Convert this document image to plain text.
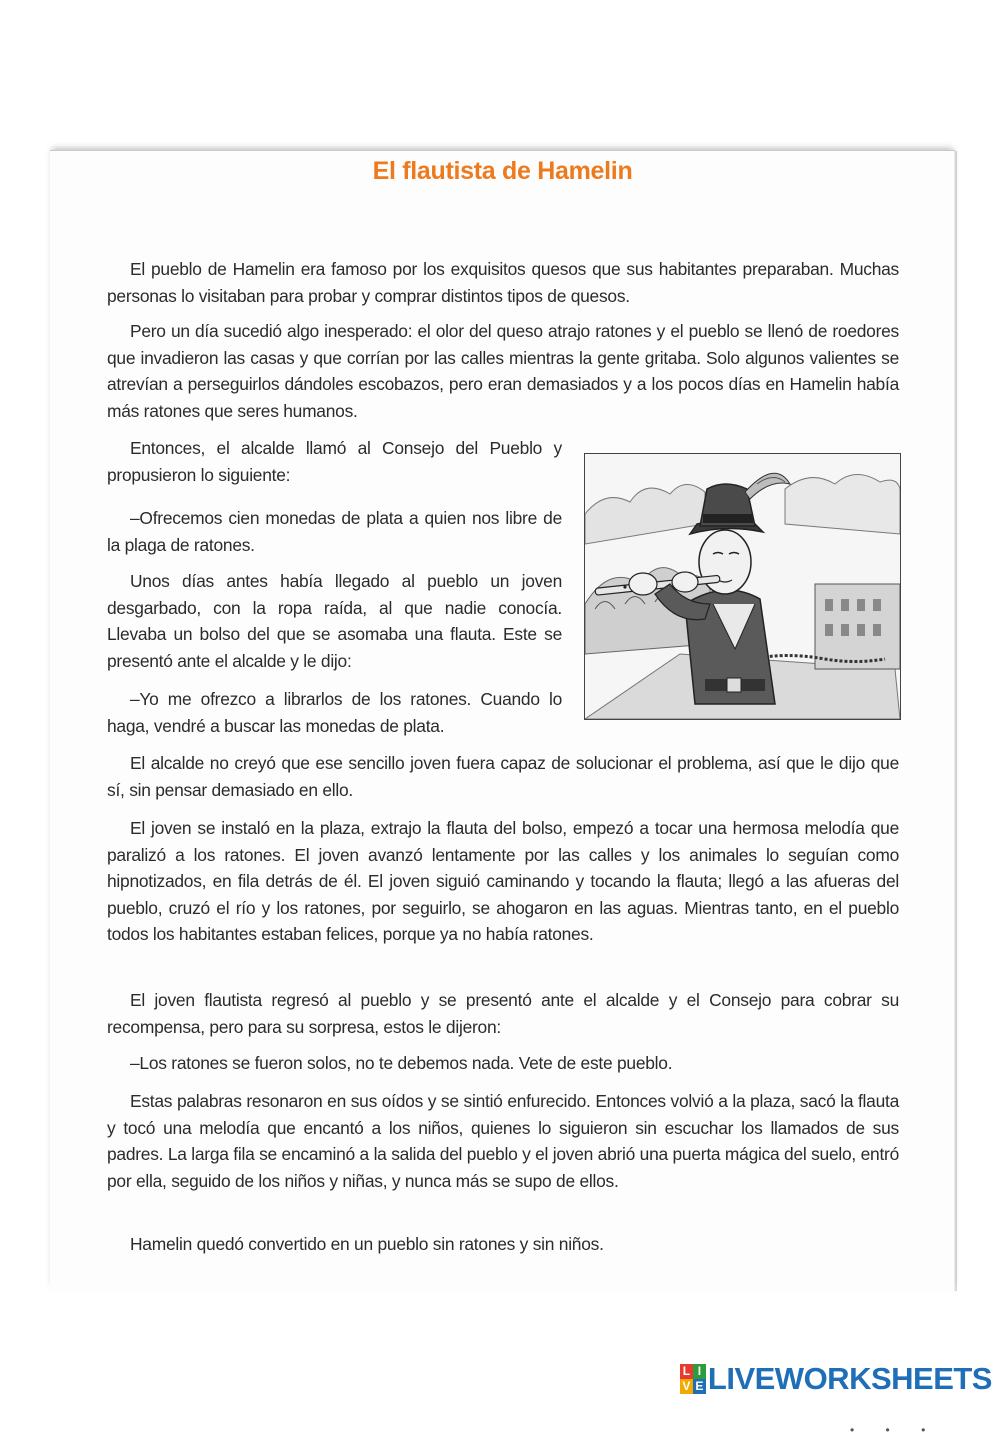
El flautista de Hamelin

El pueblo de Hamelin era famoso por los exquisitos quesos que sus habitantes preparaban. Muchas personas lo visitaban para probar y comprar distintos tipos de quesos.

Pero un día sucedió algo inesperado: el olor del queso atrajo ratones y el pueblo se llenó de roedores que invadieron las casas y que corrían por las calles mientras la gente gritaba. Solo algunos valientes se atrevían a perseguirlos dándoles escobazos, pero eran demasiados y a los pocos días en Hamelin había más ratones que seres humanos.

Entonces, el alcalde llamó al Consejo del Pueblo y propusieron lo siguiente:

–Ofrecemos cien monedas de plata a quien nos libre de la plaga de ratones.

Unos días antes había llegado al pueblo un joven desgarbado, con la ropa raída, al que nadie conocía. Llevaba un bolso del que se asomaba una flauta. Este se presentó ante el alcalde y le dijo:

–Yo me ofrezco a librarlos de los ratones. Cuando lo haga, vendré a buscar las monedas de plata.

El alcalde no creyó que ese sencillo joven fuera capaz de solucionar el problema, así que le dijo que sí, sin pensar demasiado en ello.

El joven se instaló en la plaza, extrajo la flauta del bolso, empezó a tocar una hermosa melodía que paralizó a los ratones. El joven avanzó lentamente por las calles y los animales lo seguían como hipnotizados, en fila detrás de él. El joven siguió caminando y tocando la flauta; llegó a las afueras del pueblo, cruzó el río y los ratones, por seguirlo, se ahogaron en las aguas. Mientras tanto, en el pueblo todos los habitantes estaban felices, porque ya no había ratones.

El joven flautista regresó al pueblo y se presentó ante el alcalde y el Consejo para cobrar su recompensa, pero para su sorpresa, estos le dijeron:

–Los ratones se fueron solos, no te debemos nada. Vete de este pueblo.

Estas palabras resonaron en sus oídos y se sintió enfurecido. Entonces volvió a la plaza, sacó la flauta y tocó una melodía que encantó a los niños, quienes lo siguieron sin escuchar los llamados de sus padres. La larga fila se encaminó a la salida del pueblo y el joven abrió una puerta mágica del suelo, entró por ella, seguido de los niños y niñas, y nunca más se supo de ellos.

Hamelin quedó convertido en un pueblo sin ratones y sin niños.

• • •
L I
V E LIVEWORKSHEETS
